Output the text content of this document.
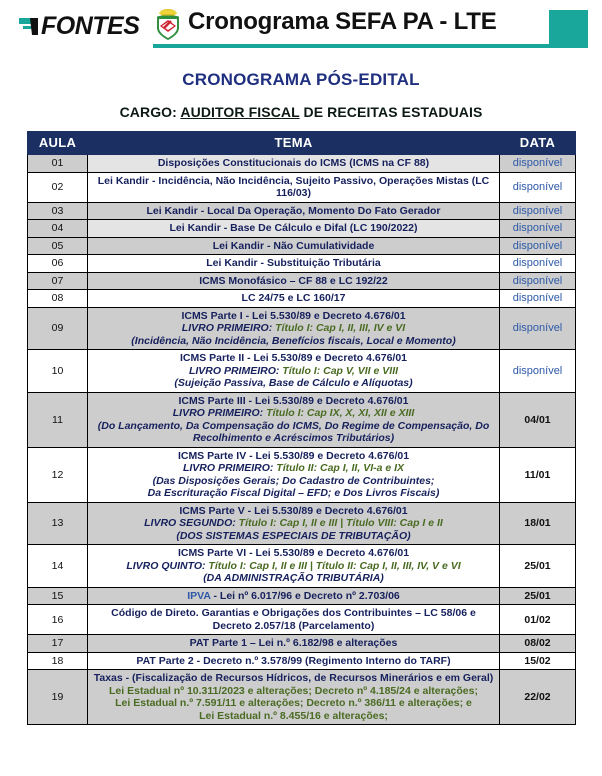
FONTES Cronograma SEFA PA - LTE
CRONOGRAMA PÓS-EDITAL
CARGO: AUDITOR FISCAL DE RECEITAS ESTADUAIS
AULA	TEMA	DATA
01	Disposições Constitucionais do ICMS (ICMS na CF 88)	disponível
02	Lei Kandir - Incidência, Não Incidência, Sujeito Passivo, Operações Mistas (LC 116/03)	disponível
03	Lei Kandir - Local Da Operação, Momento Do Fato Gerador	disponível
04	Lei Kandir - Base De Cálculo e Difal (LC 190/2022)	disponível
05	Lei Kandir - Não Cumulatividade	disponível
06	Lei Kandir - Substituição Tributária	disponível
07	ICMS Monofásico – CF 88 e LC 192/22	disponível
08	LC 24/75 e LC 160/17	disponível
09	ICMS Parte I - Lei 5.530/89 e Decreto 4.676/01
LIVRO PRIMEIRO: Título I: Cap I, II, III, IV e VI
(Incidência, Não Incidência, Benefícios fiscais, Local e Momento)	disponível
10	ICMS Parte II - Lei 5.530/89 e Decreto 4.676/01
LIVRO PRIMEIRO: Título I: Cap V, VII e VIII
(Sujeição Passiva, Base de Cálculo e Alíquotas)	disponível
11	ICMS Parte III - Lei 5.530/89 e Decreto 4.676/01
LIVRO PRIMEIRO: Título I: Cap IX, X, XI, XII e XIII
(Do Lançamento, Da Compensação do ICMS, Do Regime de Compensação, Do Recolhimento e Acréscimos Tributários)	04/01
12	ICMS Parte IV - Lei 5.530/89 e Decreto 4.676/01
LIVRO PRIMEIRO: Título II: Cap I, II, VI-a e IX
(Das Disposições Gerais; Do Cadastro de Contribuintes;
Da Escrituração Fiscal Digital – EFD; e Dos Livros Fiscais)	11/01
13	ICMS Parte V - Lei 5.530/89 e Decreto 4.676/01
LIVRO SEGUNDO: Título I: Cap I, II e III | Título VIII: Cap I e II
(DOS SISTEMAS ESPECIAIS DE TRIBUTAÇÃO)	18/01
14	ICMS Parte VI - Lei 5.530/89 e Decreto 4.676/01
LIVRO QUINTO: Título I: Cap I, II e III | Título II: Cap I, II, III, IV, V e VI
(DA ADMINISTRAÇÃO TRIBUTÁRIA)	25/01
15	IPVA - Lei nº 6.017/96 e Decreto nº 2.703/06	25/01
16	Código de Direto. Garantias e Obrigações dos Contribuintes – LC 58/06 e Decreto 2.057/18 (Parcelamento)	01/02
17	PAT Parte 1 – Lei n.º 6.182/98 e alterações	08/02
18	PAT Parte 2 - Decreto n.º 3.578/99 (Regimento Interno do TARF)	15/02
19	Taxas - (Fiscalização de Recursos Hídricos, de Recursos Minerários e em Geral)
Lei Estadual nº 10.311/2023 e alterações; Decreto nº 4.185/24 e alterações;
Lei Estadual n.º 7.591/11 e alterações; Decreto n.º 386/11 e alterações; e
Lei Estadual n.º 8.455/16 e alterações;	22/02
